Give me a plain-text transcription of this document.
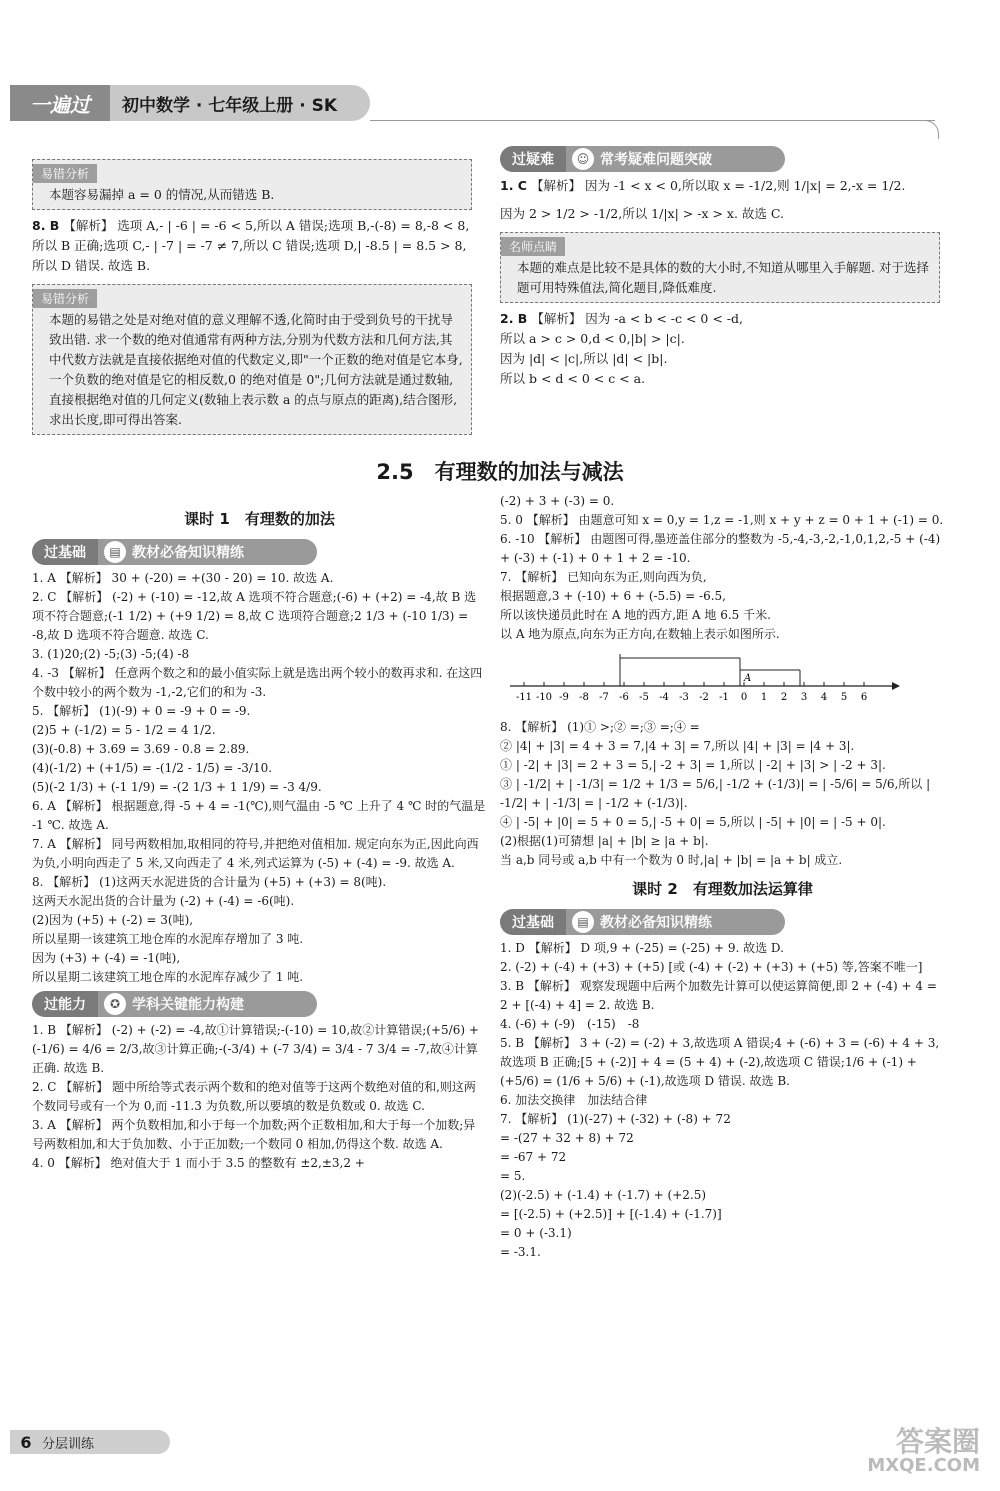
一遍过	初中数学 · 七年级上册 · SK
易错分析

本题容易漏掉 a = 0 的情况,从而错选 B.

8. B 【解析】 选项 A,- | -6 | = -6 < 5,所以 A 错误;选项 B,-(-8) = 8,-8 < 8,所以 B 正确;选项 C,- | -7 | = -7 ≠ 7,所以 C 错误;选项 D,| -8.5 | = 8.5 > 8,所以 D 错误. 故选 B.

易错分析

本题的易错之处是对绝对值的意义理解不透,化简时由于受到负号的干扰导致出错. 求一个数的绝对值通常有两种方法,分别为代数方法和几何方法,其中代数方法就是直接依据绝对值的代数定义,即"一个正数的绝对值是它本身,一个负数的绝对值是它的相反数,0 的绝对值是 0";几何方法就是通过数轴,直接根据绝对值的几何定义(数轴上表示数 a 的点与原点的距离),结合图形,求出长度,即可得出答案.

过疑难	☺ 常考疑难问题突破

1. C 【解析】 因为 -1 < x < 0,所以取 x = -1/2,则 1/|x| = 2,-x = 1/2.

因为 2 > 1/2 > -1/2,所以 1/|x| > -x > x. 故选 C.

名师点睛

本题的难点是比较不是具体的数的大小时,不知道从哪里入手解题. 对于选择题可用特殊值法,简化题目,降低难度.

2. B 【解析】 因为 -a < b < -c < 0 < -d,

所以 a > c > 0,d < 0,|b| > |c|.

因为 |d| < |c|,所以 |d| < |b|.

所以 b < d < 0 < c < a.

2.5　有理数的加法与减法
课时 1　有理数的加法
过基础	▤ 教材必备知识精练

1. A 【解析】 30 + (-20) = +(30 - 20) = 10. 故选 A.

2. C 【解析】 (-2) + (-10) = -12,故 A 选项不符合题意;(-6) + (+2) = -4,故 B 选项不符合题意;(-1 1/2) + (+9 1/2) = 8,故 C 选项符合题意;2 1/3 + (-10 1/3) = -8,故 D 选项不符合题意. 故选 C.

3. (1)20;(2) -5;(3) -5;(4) -8

4. -3 【解析】 任意两个数之和的最小值实际上就是选出两个较小的数再求和. 在这四个数中较小的两个数为 -1,-2,它们的和为 -3.

5. 【解析】 (1)(-9) + 0 = -9 + 0 = -9.

(2)5 + (-1/2) = 5 - 1/2 = 4 1/2.

(3)(-0.8) + 3.69 = 3.69 - 0.8 = 2.89.

(4)(-1/2) + (+1/5) = -(1/2 - 1/5) = -3/10.

(5)(-2 1/3) + (-1 1/9) = -(2 1/3 + 1 1/9) = -3 4/9.

6. A 【解析】 根据题意,得 -5 + 4 = -1(℃),则气温由 -5 ℃ 上升了 4 ℃ 时的气温是 -1 ℃. 故选 A.

7. A 【解析】 同号两数相加,取相同的符号,并把绝对值相加. 规定向东为正,因此向西为负,小明向西走了 5 米,又向西走了 4 米,列式运算为 (-5) + (-4) = -9. 故选 A.

8. 【解析】 (1)这两天水泥进货的合计量为 (+5) + (+3) = 8(吨).

这两天水泥出货的合计量为 (-2) + (-4) = -6(吨).

(2)因为 (+5) + (-2) = 3(吨),

所以星期一该建筑工地仓库的水泥库存增加了 3 吨.

因为 (+3) + (-4) = -1(吨),

所以星期二该建筑工地仓库的水泥库存减少了 1 吨.

过能力	✪ 学科关键能力构建

1. B 【解析】 (-2) + (-2) = -4,故①计算错误;-(-10) = 10,故②计算错误;(+5/6) + (-1/6) = 4/6 = 2/3,故③计算正确;-(-3/4) + (-7 3/4) = 3/4 - 7 3/4 = -7,故④计算正确. 故选 B.

2. C 【解析】 题中所给等式表示两个数和的绝对值等于这两个数绝对值的和,则这两个数同号或有一个为 0,而 -11.3 为负数,所以要填的数是负数或 0. 故选 C.

3. A 【解析】 两个负数相加,和小于每一个加数;两个正数相加,和大于每一个加数;异号两数相加,和大于负加数、小于正加数;一个数同 0 相加,仍得这个数. 故选 A.

4. 0 【解析】 绝对值大于 1 而小于 3.5 的整数有 ±2,±3,2 +

(-2) + 3 + (-3) = 0.

5. 0 【解析】 由题意可知 x = 0,y = 1,z = -1,则 x + y + z = 0 + 1 + (-1) = 0.

6. -10 【解析】 由题图可得,墨迹盖住部分的整数为 -5,-4,-3,-2,-1,0,1,2,-5 + (-4) + (-3) + (-1) + 0 + 1 + 2 = -10.

7. 【解析】 已知向东为正,则向西为负,

根据题意,3 + (-10) + 6 + (-5.5) = -6.5,

所以该快递员此时在 A 地的西方,距 A 地 6.5 千米.

以 A 地为原点,向东为正方向,在数轴上表示如图所示.

-11 -10 -9 -8 -7 -6 -5 -4 -3 -2 -1 0 1 2 3 4 5 6
A

8. 【解析】 (1)① >;② =;③ =;④ =

② |4| + |3| = 4 + 3 = 7,|4 + 3| = 7,所以 |4| + |3| = |4 + 3|.

① | -2| + |3| = 2 + 3 = 5,| -2 + 3| = 1,所以 | -2| + |3| > | -2 + 3|.

③ | -1/2| + | -1/3| = 1/2 + 1/3 = 5/6,| -1/2 + (-1/3)| = | -5/6| = 5/6,所以 | -1/2| + | -1/3| = | -1/2 + (-1/3)|.

④ | -5| + |0| = 5 + 0 = 5,| -5 + 0| = 5,所以 | -5| + |0| = | -5 + 0|.

(2)根据(1)可猜想 |a| + |b| ≥ |a + b|.

当 a,b 同号或 a,b 中有一个数为 0 时,|a| + |b| = |a + b| 成立.

课时 2　有理数加法运算律
过基础	▤ 教材必备知识精练

1. D 【解析】 D 项,9 + (-25) = (-25) + 9. 故选 D.

2. (-2) + (-4) + (+3) + (+5) [或 (-4) + (-2) + (+3) + (+5) 等,答案不唯一]

3. B 【解析】 观察发现题中后两个加数先计算可以使运算简便,即 2 + (-4) + 4 = 2 + [(-4) + 4] = 2. 故选 B.

4. (-6) + (-9)　(-15)　-8

5. B 【解析】 3 + (-2) = (-2) + 3,故选项 A 错误;4 + (-6) + 3 = (-6) + 4 + 3,故选项 B 正确;[5 + (-2)] + 4 = (5 + 4) + (-2),故选项 C 错误;1/6 + (-1) + (+5/6) = (1/6 + 5/6) + (-1),故选项 D 错误. 故选 B.

6. 加法交换律　加法结合律

7. 【解析】 (1)(-27) + (-32) + (-8) + 72

= -(27 + 32 + 8) + 72

= -67 + 72

= 5.

(2)(-2.5) + (-1.4) + (-1.7) + (+2.5)

= [(-2.5) + (+2.5)] + [(-1.4) + (-1.7)]

= 0 + (-3.1)

= -3.1.

6 分层训练	答案圈
MXQE.COM
